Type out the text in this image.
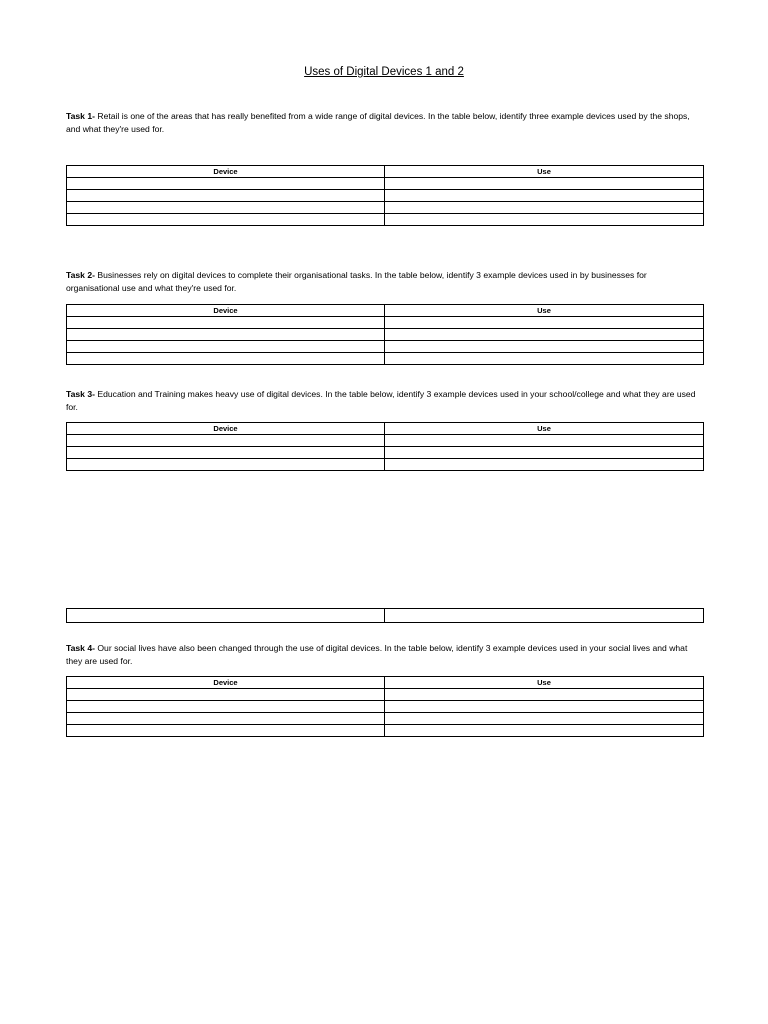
Uses of Digital Devices 1 and 2
Task 1- Retail is one of the areas that has really benefited from a wide range of digital devices. In the table below, identify three example devices used by the shops, and what they're used for.
Device	Use

Task 2- Businesses rely on digital devices to complete their organisational tasks. In the table below, identify 3 example devices used in by businesses for organisational use and what they're used for.
Device	Use

Task 3- Education and Training makes heavy use of digital devices. In the table below, identify 3 example devices used in your school/college and what they are used for.
Device	Use

Task 4- Our social lives have also been changed through the use of digital devices. In the table below, identify 3 example devices used in your social lives and what they are used for.
Device	Use
